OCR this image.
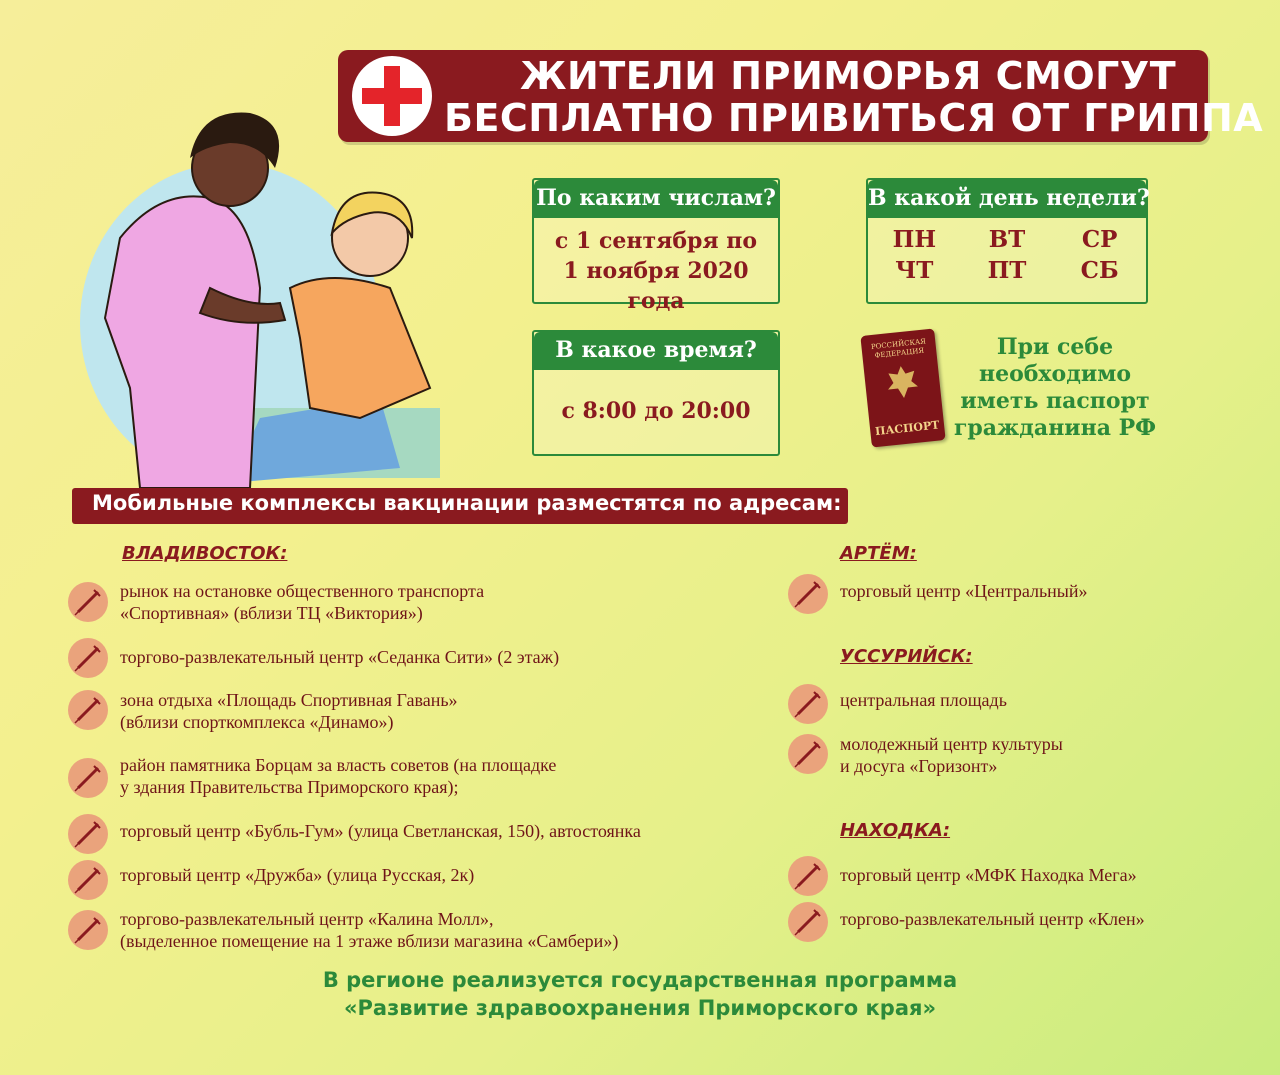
ЖИТЕЛИ ПРИМОРЬЯ СМОГУТ
БЕСПЛАТНО ПРИВИТЬСЯ ОТ ГРИППА
По каким числам?
с 1 сентября по
1 ноября 2020 года
В какой день недели?
ПН	ВТ	СР
ЧТ	ПТ	СБ
В какое время?
с 8:00 до 20:00
РОССИЙСКАЯ ФЕДЕРАЦИЯ
ПАСПОРТ
При себе
необходимо
иметь паспорт
гражданина РФ
Мобильные комплексы вакцинации разместятся по адресам:
ВЛАДИВОСТОК:
рынок на остановке общественного транспорта
«Спортивная» (вблизи ТЦ «Виктория»)
торгово-развлекательный центр «Седанка Сити» (2 этаж)
зона отдыха «Площадь Спортивная Гавань»
(вблизи спорткомплекса «Динамо»)
район памятника Борцам за власть советов (на площадке
у здания Правительства Приморского края);
торговый центр «Бубль-Гум» (улица Светланская, 150), автостоянка
торговый центр «Дружба» (улица Русская, 2к)
торгово-развлекательный центр «Калина Молл»,
(выделенное помещение на 1 этаже вблизи магазина «Самбери»)
АРТЁМ:
торговый центр «Центральный»
УССУРИЙСК:
центральная площадь
молодежный центр культуры
и досуга «Горизонт»
НАХОДКА:
торговый центр «МФК Находка Мега»
торгово-развлекательный центр «Клен»
В регионе реализуется государственная программа
«Развитие здравоохранения Приморского края»
